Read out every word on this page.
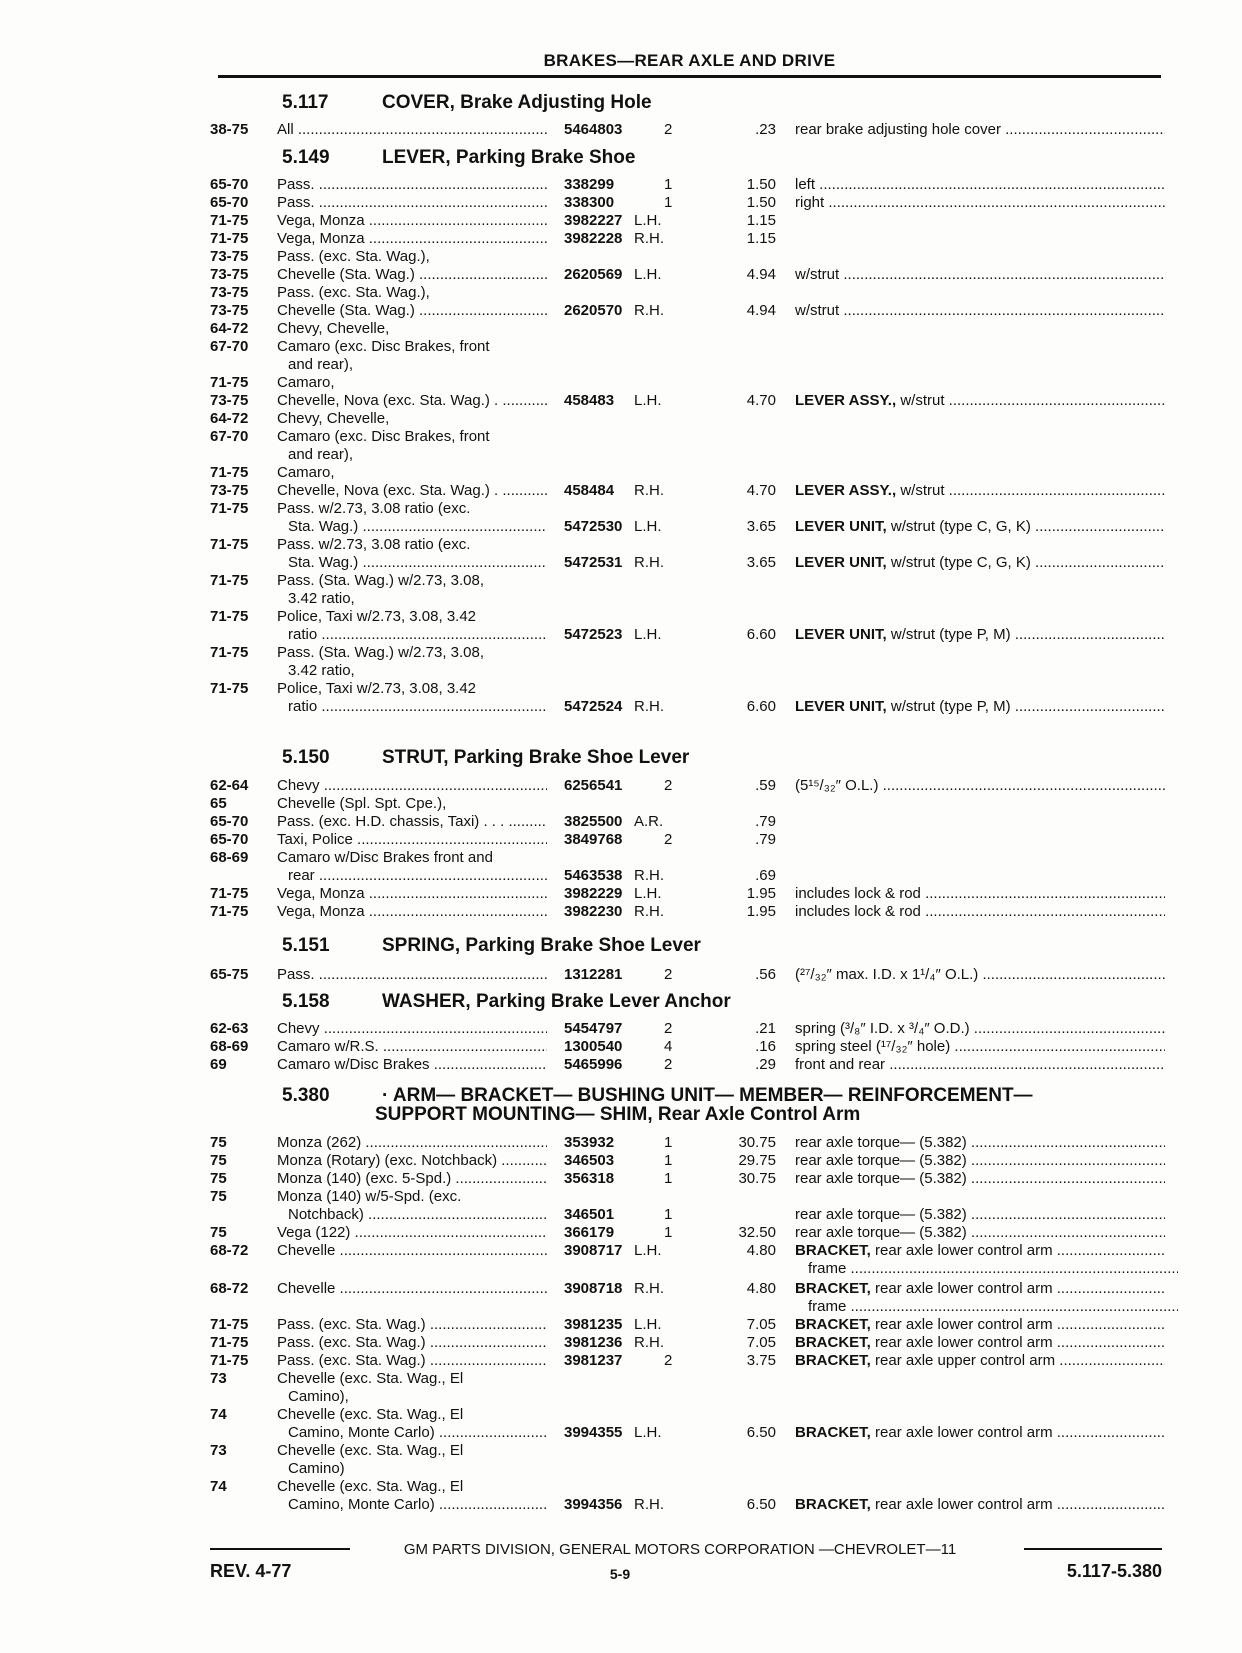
BRAKES—REAR AXLE AND DRIVE
5.117	COVER, Brake Adjusting Hole
5.149	LEVER, Parking Brake Shoe
5.150	STRUT, Parking Brake Shoe Lever
5.151	SPRING, Parking Brake Shoe Lever
5.158	WASHER, Parking Brake Lever Anchor
5.380	· ARM— BRACKET— BUSHING UNIT— MEMBER— REINFORCEMENT—
SUPPORT MOUNTING— SHIM, Rear Axle Control Arm
38-75	All .....	5464803	2	.23 rear brake adjusting hole cover .....
65-70	Pass. .....	338299	1	1.50 left .....
65-70	Pass. .....	338300	1	1.50 right .....
71-75	Vega, Monza .....	3982227 L.H.	1.15
71-75	Vega, Monza .....	3982228 R.H.	1.15
73-75	Pass. (exc. Sta. Wag.),
73-75	Chevelle (Sta. Wag.) .....	2620569 L.H.	4.94 w/strut .....
73-75	Pass. (exc. Sta. Wag.),
73-75	Chevelle (Sta. Wag.) .....	2620570 R.H.	4.94 w/strut .....
64-72	Chevy, Chevelle,
67-70	Camaro (exc. Disc Brakes, front
and rear),
71-75	Camaro,
73-75	Chevelle, Nova (exc. Sta. Wag.) . .....	458483	L.H.	4.70 LEVER ASSY., w/strut .....
64-72	Chevy, Chevelle,
67-70	Camaro (exc. Disc Brakes, front
and rear),
71-75	Camaro,
73-75	Chevelle, Nova (exc. Sta. Wag.) . .....	458484	R.H.	4.70 LEVER ASSY., w/strut .....
71-75	Pass. w/2.73, 3.08 ratio (exc.
Sta. Wag.) .....	5472530 L.H.	3.65 LEVER UNIT, w/strut (type C, G, K) .....
71-75	Pass. w/2.73, 3.08 ratio (exc.
Sta. Wag.) .....	5472531 R.H.	3.65 LEVER UNIT, w/strut (type C, G, K) .....
71-75	Pass. (Sta. Wag.) w/2.73, 3.08,
3.42 ratio,
71-75	Police, Taxi w/2.73, 3.08, 3.42
ratio .....	5472523 L.H.	6.60 LEVER UNIT, w/strut (type P, M) .....
71-75	Pass. (Sta. Wag.) w/2.73, 3.08,
3.42 ratio,
71-75	Police, Taxi w/2.73, 3.08, 3.42
ratio .....	5472524 R.H.	6.60 LEVER UNIT, w/strut (type P, M) .....
62-64	Chevy .....	6256541	2	.59 (5¹⁵/₃₂″ O.L.) .....
65	Chevelle (Spl. Spt. Cpe.),
65-70	Pass. (exc. H.D. chassis, Taxi) . . . .....	3825500 A.R.	.79
65-70	Taxi, Police .....	3849768	2	.79
68-69	Camaro w/Disc Brakes front and
rear .....	5463538 R.H.	.69
71-75	Vega, Monza .....	3982229 L.H.	1.95 includes lock & rod .....
71-75	Vega, Monza .....	3982230 R.H.	1.95 includes lock & rod .....
65-75	Pass. .....	1312281	2	.56 (²⁷/₃₂″ max. I.D. x 1¹/₄″ O.L.) .....
62-63	Chevy .....	5454797	2	.21 spring (³/₈″ I.D. x ³/₄″ O.D.) .....
68-69	Camaro w/R.S. .....	1300540	4	.16 spring steel (¹⁷/₃₂″ hole) .....
69	Camaro w/Disc Brakes .....	5465996	2	.29 front and rear .....
75	Monza (262) .....	353932	1	30.75 rear axle torque— (5.382) .....
75	Monza (Rotary) (exc. Notchback) .....	346503	1	29.75 rear axle torque— (5.382) .....
75	Monza (140) (exc. 5-Spd.) .....	356318	1	30.75 rear axle torque— (5.382) .....
75	Monza (140) w/5-Spd. (exc.
Notchback) .....	346501	1	rear axle torque— (5.382) .....
75	Vega (122) .....	366179	1	32.50 rear axle torque— (5.382) .....
68-72	Chevelle .....	3908717 L.H.	4.80 BRACKET, rear axle lower control arm .....
frame .....
68-72	Chevelle .....	3908718 R.H.	4.80 BRACKET, rear axle lower control arm .....
frame .....
71-75	Pass. (exc. Sta. Wag.) .....	3981235 L.H.	7.05 BRACKET, rear axle lower control arm .....
71-75	Pass. (exc. Sta. Wag.) .....	3981236 R.H.	7.05 BRACKET, rear axle lower control arm .....
71-75	Pass. (exc. Sta. Wag.) .....	3981237	2	3.75 BRACKET, rear axle upper control arm .....
73	Chevelle (exc. Sta. Wag., El
Camino),
74	Chevelle (exc. Sta. Wag., El
Camino, Monte Carlo) .....	3994355 L.H.	6.50 BRACKET, rear axle lower control arm .....
73	Chevelle (exc. Sta. Wag., El
Camino)
74	Chevelle (exc. Sta. Wag., El
Camino, Monte Carlo) .....	3994356 R.H.	6.50 BRACKET, rear axle lower control arm .....
GM PARTS DIVISION, GENERAL MOTORS CORPORATION —CHEVROLET—11
REV. 4-77	5-9	5.117-5.380
